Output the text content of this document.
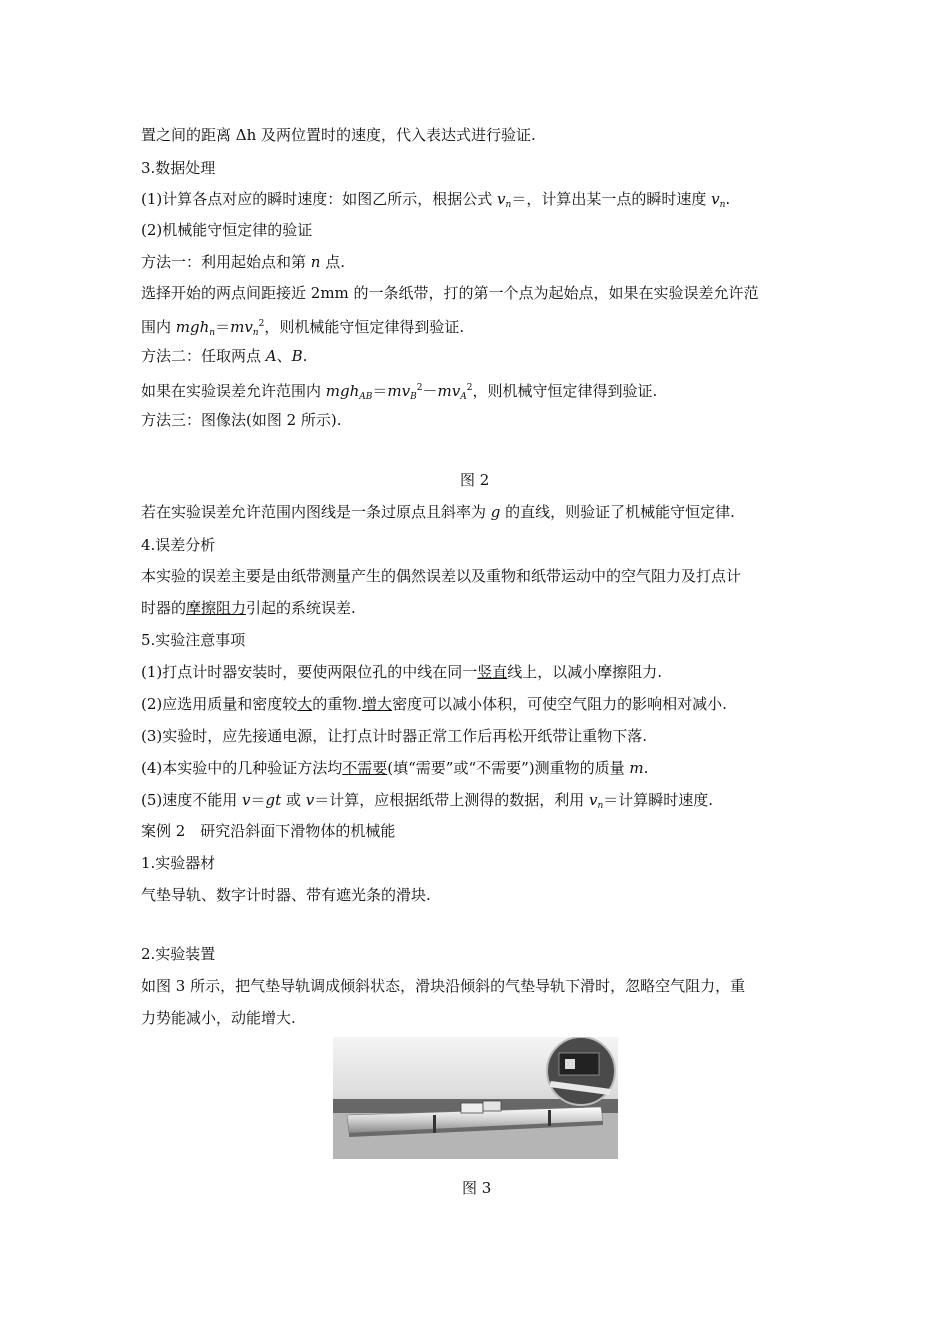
置之间的距离 Δh 及两位置时的速度，代入表达式进行验证.
3.数据处理
(1)计算各点对应的瞬时速度：如图乙所示，根据公式 $v_n=$，计算出某一点的瞬时速度 $v_n$.
(2)机械能守恒定律的验证
方法一：利用起始点和第 n 点.
选择开始的两点间距接近 2mm 的一条纸带，打的第一个点为起始点，如果在实验误差允许范
围内 $mgh_n=mv_n^2$，则机械能守恒定律得到验证.
方法二：任取两点 A、B.
如果在实验误差允许范围内 $mgh_{AB}=mv_B^2-mv_A^2$，则机械守恒定律得到验证.
方法三：图像法(如图 2 所示).
图 2
若在实验误差允许范围内图线是一条过原点且斜率为 g 的直线，则验证了机械能守恒定律.
4.误差分析
本实验的误差主要是由纸带测量产生的偶然误差以及重物和纸带运动中的空气阻力及打点计
时器的摩擦阻力引起的系统误差.
5.实验注意事项
(1)打点计时器安装时，要使两限位孔的中线在同一竖直线上，以减小摩擦阻力.
(2)应选用质量和密度较大的重物.增大密度可以减小体积，可使空气阻力的影响相对减小.
(3)实验时，应先接通电源，让打点计时器正常工作后再松开纸带让重物下落.
(4)本实验中的几种验证方法均不需要(填“需要”或“不需要”)测重物的质量 m.
(5)速度不能用 v＝gt 或 v＝计算，应根据纸带上测得的数据，利用 $v_n=$计算瞬时速度.
案例 2　研究沿斜面下滑物体的机械能
1.实验器材
气垫导轨、数字计时器、带有遮光条的滑块.
2.实验装置
如图 3 所示，把气垫导轨调成倾斜状态，滑块沿倾斜的气垫导轨下滑时，忽略空气阻力，重
力势能减小，动能增大.
图 3
